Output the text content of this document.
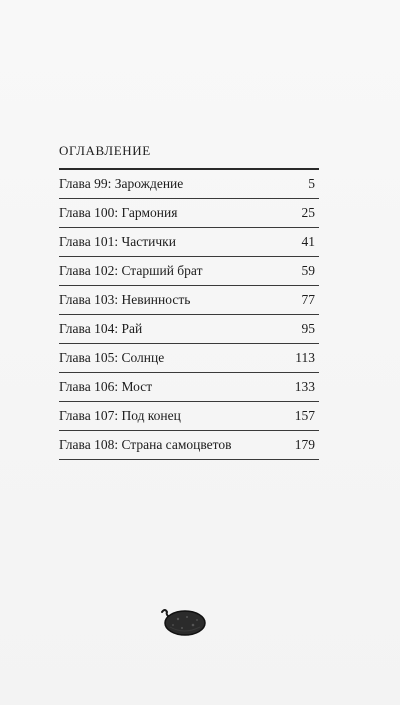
ОГЛАВЛЕНИЕ
Глава 99: Зарождение	5
Глава 100: Гармония	25
Глава 101: Частички	41
Глава 102: Старший брат	59
Глава 103: Невинность	77
Глава 104: Рай	95
Глава 105: Солнце	113
Глава 106: Мост	133
Глава 107: Под конец	157
Глава 108: Страна самоцветов	179
